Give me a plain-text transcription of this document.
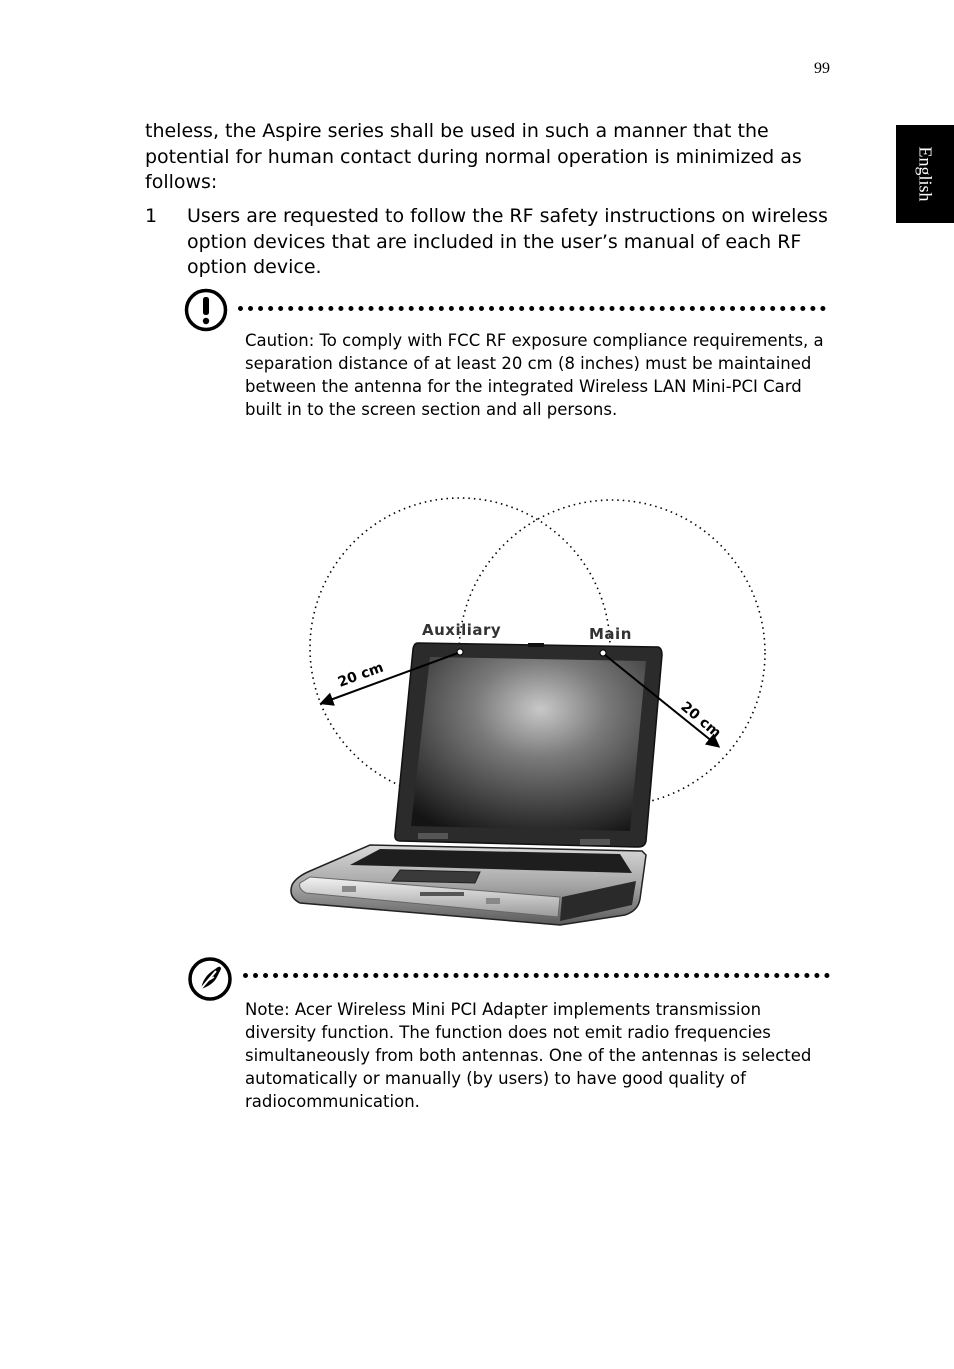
99
English

theless, the Aspire series shall be used in such a manner that the potential for human contact during normal operation is minimized as follows:

1 Users are requested to follow the RF safety instructions on wireless option devices that are included in the user’s manual of each RF option device.

Caution: To comply with FCC RF exposure compliance requirements, a separation distance of at least 20 cm (8 inches) must be maintained between the antenna for the integrated Wireless LAN Mini-PCI Card built in to the screen section and all persons.

Auxiliary	Main
20 cm
20 cm

Note: Acer Wireless Mini PCI Adapter implements transmission diversity function. The function does not emit radio frequencies simultaneously from both antennas. One of the antennas is selected automatically or manually (by users) to have good quality of radiocommunication.
